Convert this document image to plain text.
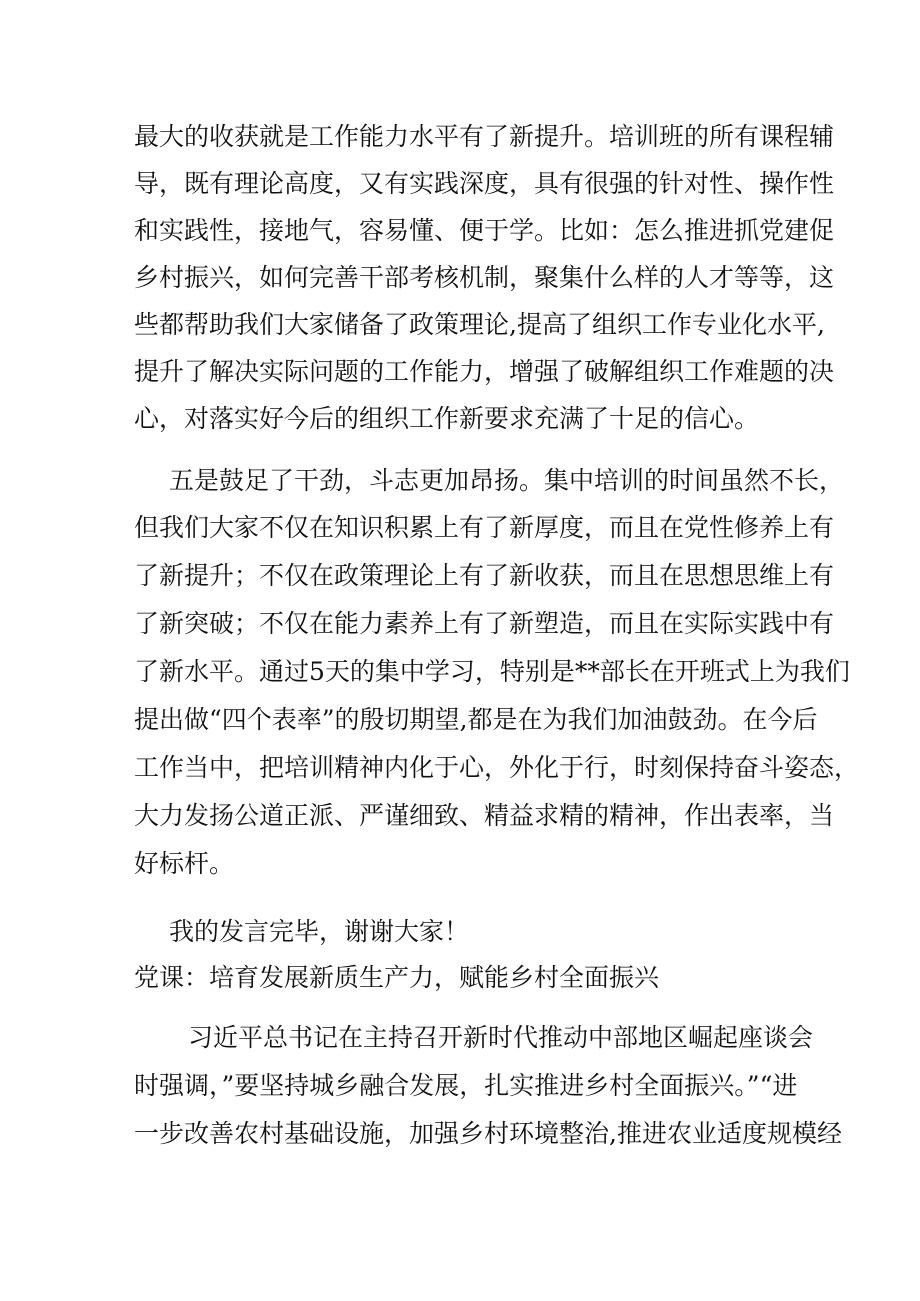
最大的收获就是工作能力水平有了新提升。培训班的所有课程辅
导，既有理论高度，又有实践深度，具有很强的针对性、操作性
和实践性，接地气，容易懂、便于学。比如：怎么推进抓党建促
乡村振兴，如何完善干部考核机制，聚集什么样的人才等等，这
些都帮助我们大家储备了政策理论,提高了组织工作专业化水平,
提升了解决实际问题的工作能力，增强了破解组织工作难题的决
心，对落实好今后的组织工作新要求充满了十足的信心。
五是鼓足了干劲，斗志更加昂扬。集中培训的时间虽然不长，
但我们大家不仅在知识积累上有了新厚度，而且在党性修养上有
了新提升；不仅在政策理论上有了新收获，而且在思想思维上有
了新突破；不仅在能力素养上有了新塑造，而且在实际实践中有
了新水平。通过5天的集中学习，特别是**部长在开班式上为我们
提出做“四个表率”的殷切期望,都是在为我们加油鼓劲。在今后
工作当中，把培训精神内化于心，外化于行，时刻保持奋斗姿态，
大力发扬公道正派、严谨细致、精益求精的精神，作出表率，当
好标杆。
我的发言完毕，谢谢大家！
党课：培育发展新质生产力，赋能乡村全面振兴
习近平总书记在主持召开新时代推动中部地区崛起座谈会
时强调，”要坚持城乡融合发展，扎实推进乡村全面振兴。”“进
一步改善农村基础设施，加强乡村环境整治,推进农业适度规模经
